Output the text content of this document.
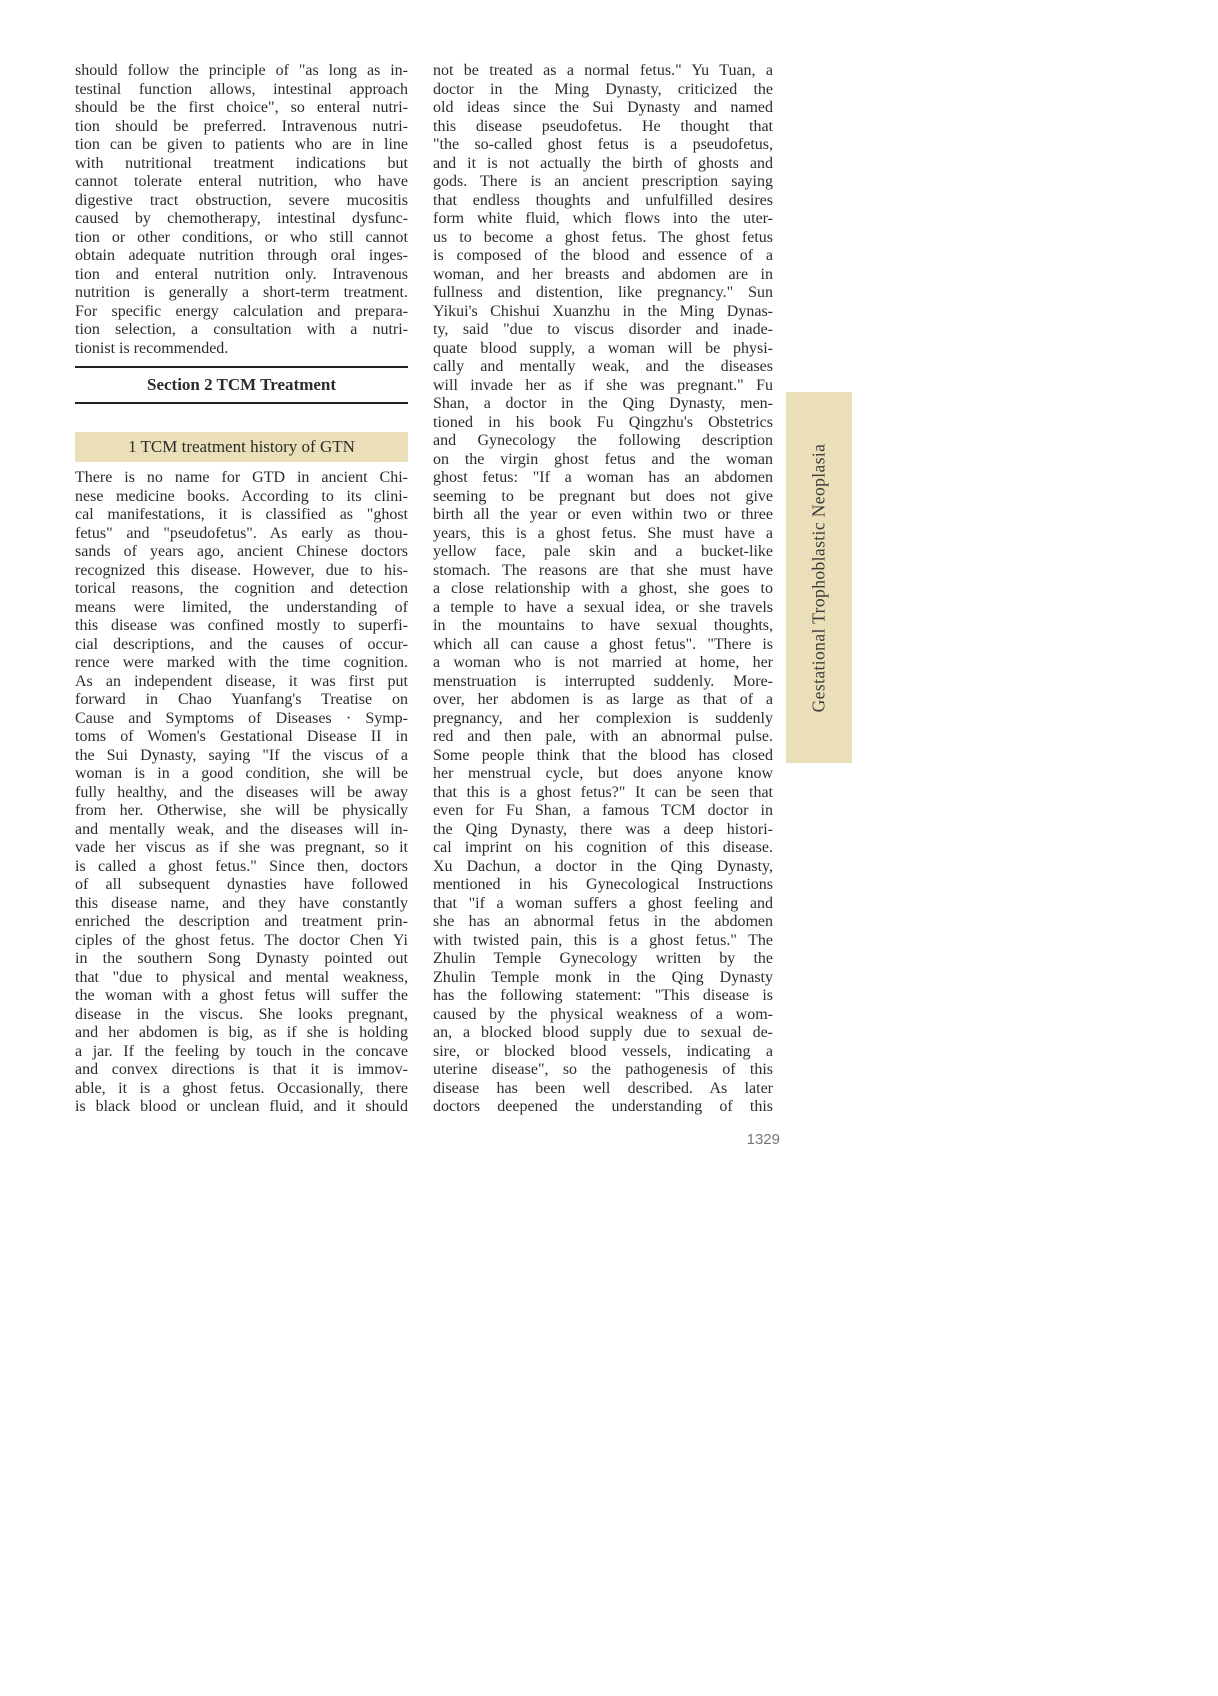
should follow the principle of "as long as in-
testinal function allows, intestinal approach
should be the first choice", so enteral nutri-
tion should be preferred. Intravenous nutri-
tion can be given to patients who are in line
with nutritional treatment indications but
cannot tolerate enteral nutrition, who have
digestive tract obstruction, severe mucositis
caused by chemotherapy, intestinal dysfunc-
tion or other conditions, or who still cannot
obtain adequate nutrition through oral inges-
tion and enteral nutrition only. Intravenous
nutrition is generally a short-term treatment.
For specific energy calculation and prepara-
tion selection, a consultation with a nutri-
tionist is recommended.
Section 2 TCM Treatment
1 TCM treatment history of GTN
There is no name for GTD in ancient Chi-
nese medicine books. According to its clini-
cal manifestations, it is classified as "ghost
fetus" and "pseudofetus". As early as thou-
sands of years ago, ancient Chinese doctors
recognized this disease. However, due to his-
torical reasons, the cognition and detection
means were limited, the understanding of
this disease was confined mostly to superfi-
cial descriptions, and the causes of occur-
rence were marked with the time cognition.
As an independent disease, it was first put
forward in Chao Yuanfang's Treatise on
Cause and Symptoms of Diseases · Symp-
toms of Women's Gestational Disease II in
the Sui Dynasty, saying "If the viscus of a
woman is in a good condition, she will be
fully healthy, and the diseases will be away
from her. Otherwise, she will be physically
and mentally weak, and the diseases will in-
vade her viscus as if she was pregnant, so it
is called a ghost fetus." Since then, doctors
of all subsequent dynasties have followed
this disease name, and they have constantly
enriched the description and treatment prin-
ciples of the ghost fetus. The doctor Chen Yi
in the southern Song Dynasty pointed out
that "due to physical and mental weakness,
the woman with a ghost fetus will suffer the
disease in the viscus. She looks pregnant,
and her abdomen is big, as if she is holding
a jar. If the feeling by touch in the concave
and convex directions is that it is immov-
able, it is a ghost fetus. Occasionally, there
is black blood or unclean fluid, and it should
not be treated as a normal fetus." Yu Tuan, a
doctor in the Ming Dynasty, criticized the
old ideas since the Sui Dynasty and named
this disease pseudofetus. He thought that
"the so-called ghost fetus is a pseudofetus,
and it is not actually the birth of ghosts and
gods. There is an ancient prescription saying
that endless thoughts and unfulfilled desires
form white fluid, which flows into the uter-
us to become a ghost fetus. The ghost fetus
is composed of the blood and essence of a
woman, and her breasts and abdomen are in
fullness and distention, like pregnancy." Sun
Yikui's Chishui Xuanzhu in the Ming Dynas-
ty, said "due to viscus disorder and inade-
quate blood supply, a woman will be physi-
cally and mentally weak, and the diseases
will invade her as if she was pregnant." Fu
Shan, a doctor in the Qing Dynasty, men-
tioned in his book Fu Qingzhu's Obstetrics
and Gynecology the following description
on the virgin ghost fetus and the woman
ghost fetus: "If a woman has an abdomen
seeming to be pregnant but does not give
birth all the year or even within two or three
years, this is a ghost fetus. She must have a
yellow face, pale skin and a bucket-like
stomach. The reasons are that she must have
a close relationship with a ghost, she goes to
a temple to have a sexual idea, or she travels
in the mountains to have sexual thoughts,
which all can cause a ghost fetus". "There is
a woman who is not married at home, her
menstruation is interrupted suddenly. More-
over, her abdomen is as large as that of a
pregnancy, and her complexion is suddenly
red and then pale, with an abnormal pulse.
Some people think that the blood has closed
her menstrual cycle, but does anyone know
that this is a ghost fetus?" It can be seen that
even for Fu Shan, a famous TCM doctor in
the Qing Dynasty, there was a deep histori-
cal imprint on his cognition of this disease.
Xu Dachun, a doctor in the Qing Dynasty,
mentioned in his Gynecological Instructions
that "if a woman suffers a ghost feeling and
she has an abnormal fetus in the abdomen
with twisted pain, this is a ghost fetus." The
Zhulin Temple Gynecology written by the
Zhulin Temple monk in the Qing Dynasty
has the following statement: "This disease is
caused by the physical weakness of a wom-
an, a blocked blood supply due to sexual de-
sire, or blocked blood vessels, indicating a
uterine disease", so the pathogenesis of this
disease has been well described. As later
doctors deepened the understanding of this
Gestational Trophoblastic Neoplasia
1329
